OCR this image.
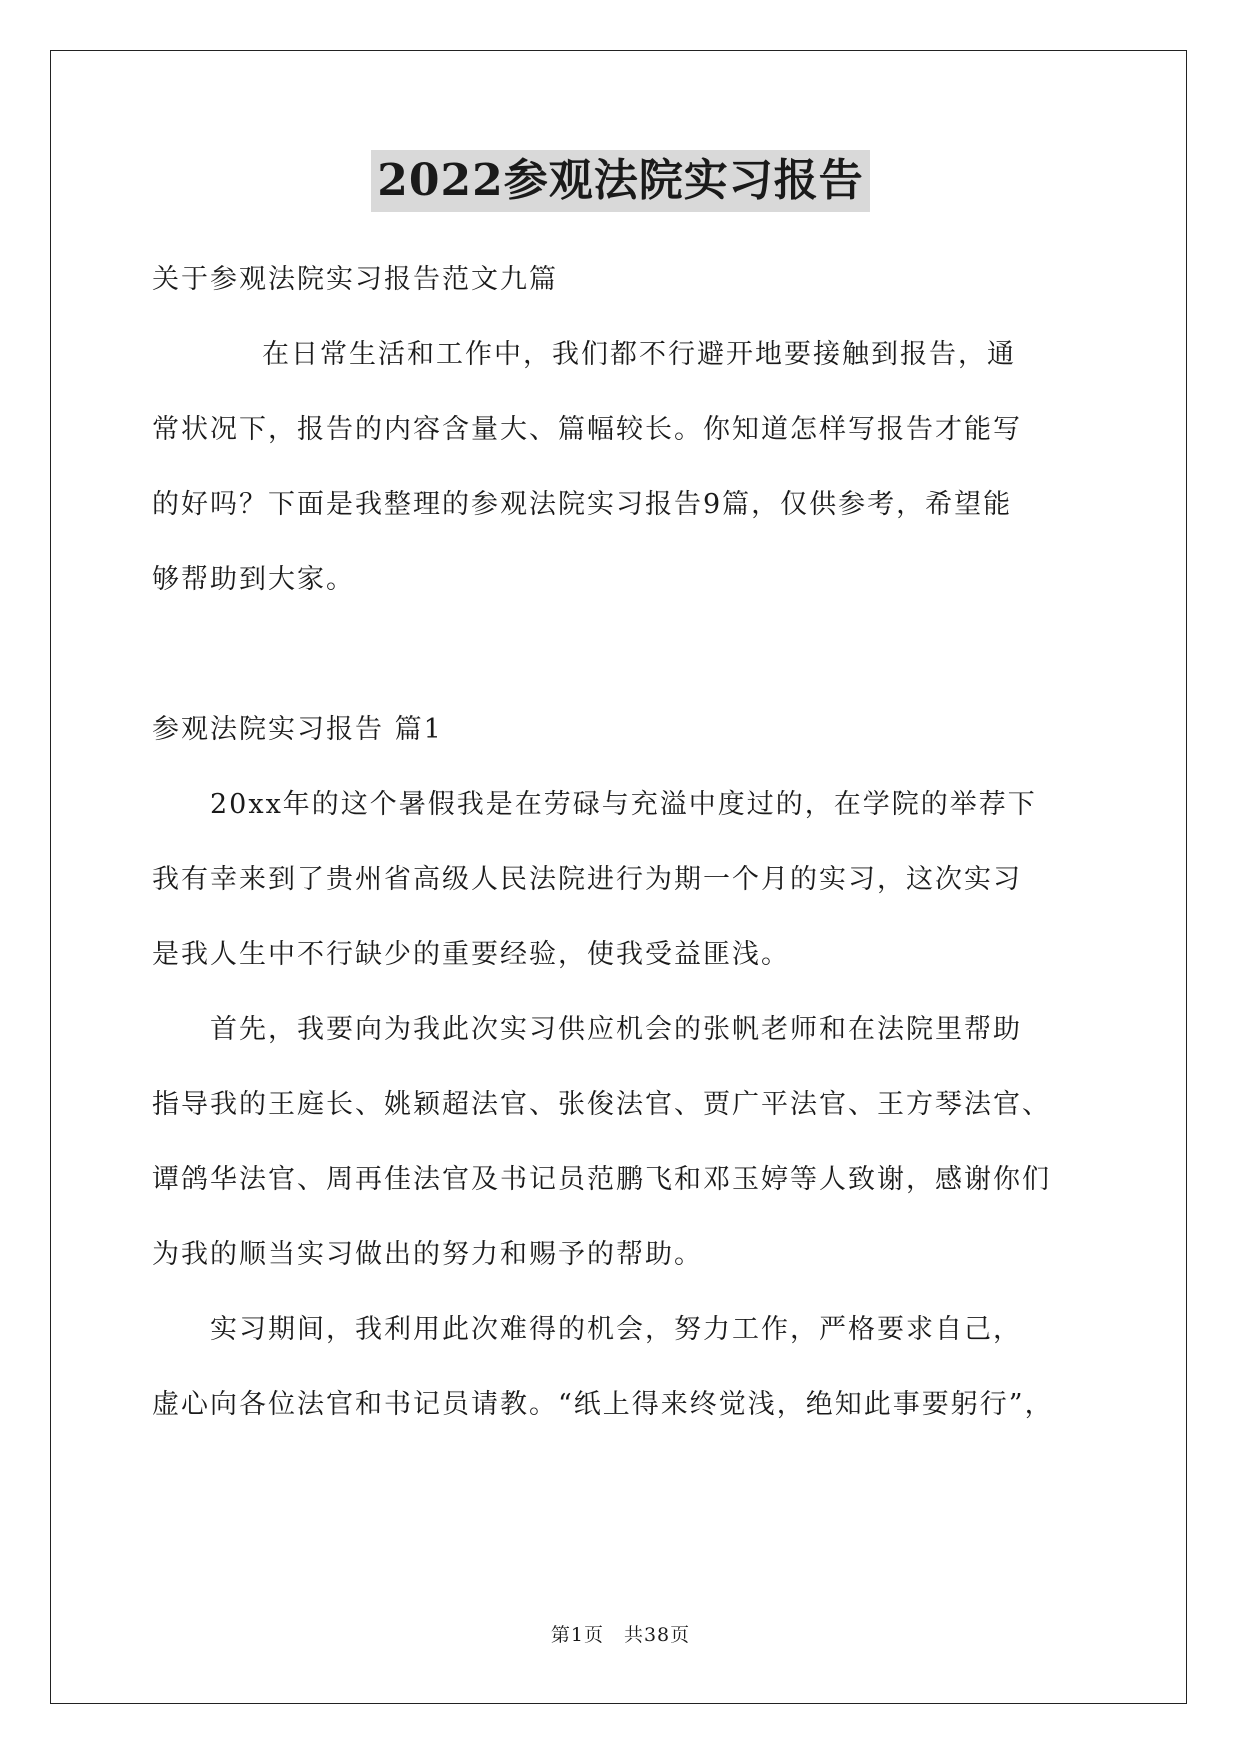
2022参观法院实习报告
关于参观法院实习报告范文九篇
在日常生活和工作中，我们都不行避开地要接触到报告，通
常状况下，报告的内容含量大、篇幅较长。你知道怎样写报告才能写
的好吗？下面是我整理的参观法院实习报告9篇，仅供参考，希望能
够帮助到大家。
参观法院实习报告 篇1
20xx年的这个暑假我是在劳碌与充溢中度过的，在学院的举荐下
我有幸来到了贵州省高级人民法院进行为期一个月的实习，这次实习
是我人生中不行缺少的重要经验，使我受益匪浅。
首先，我要向为我此次实习供应机会的张帆老师和在法院里帮助
指导我的王庭长、姚颖超法官、张俊法官、贾广平法官、王方琴法官、
谭鸽华法官、周再佳法官及书记员范鹏飞和邓玉婷等人致谢，感谢你们
为我的顺当实习做出的努力和赐予的帮助。
实习期间，我利用此次难得的机会，努力工作，严格要求自己，
虚心向各位法官和书记员请教。“纸上得来终觉浅，绝知此事要躬行”，
第1页　共38页
